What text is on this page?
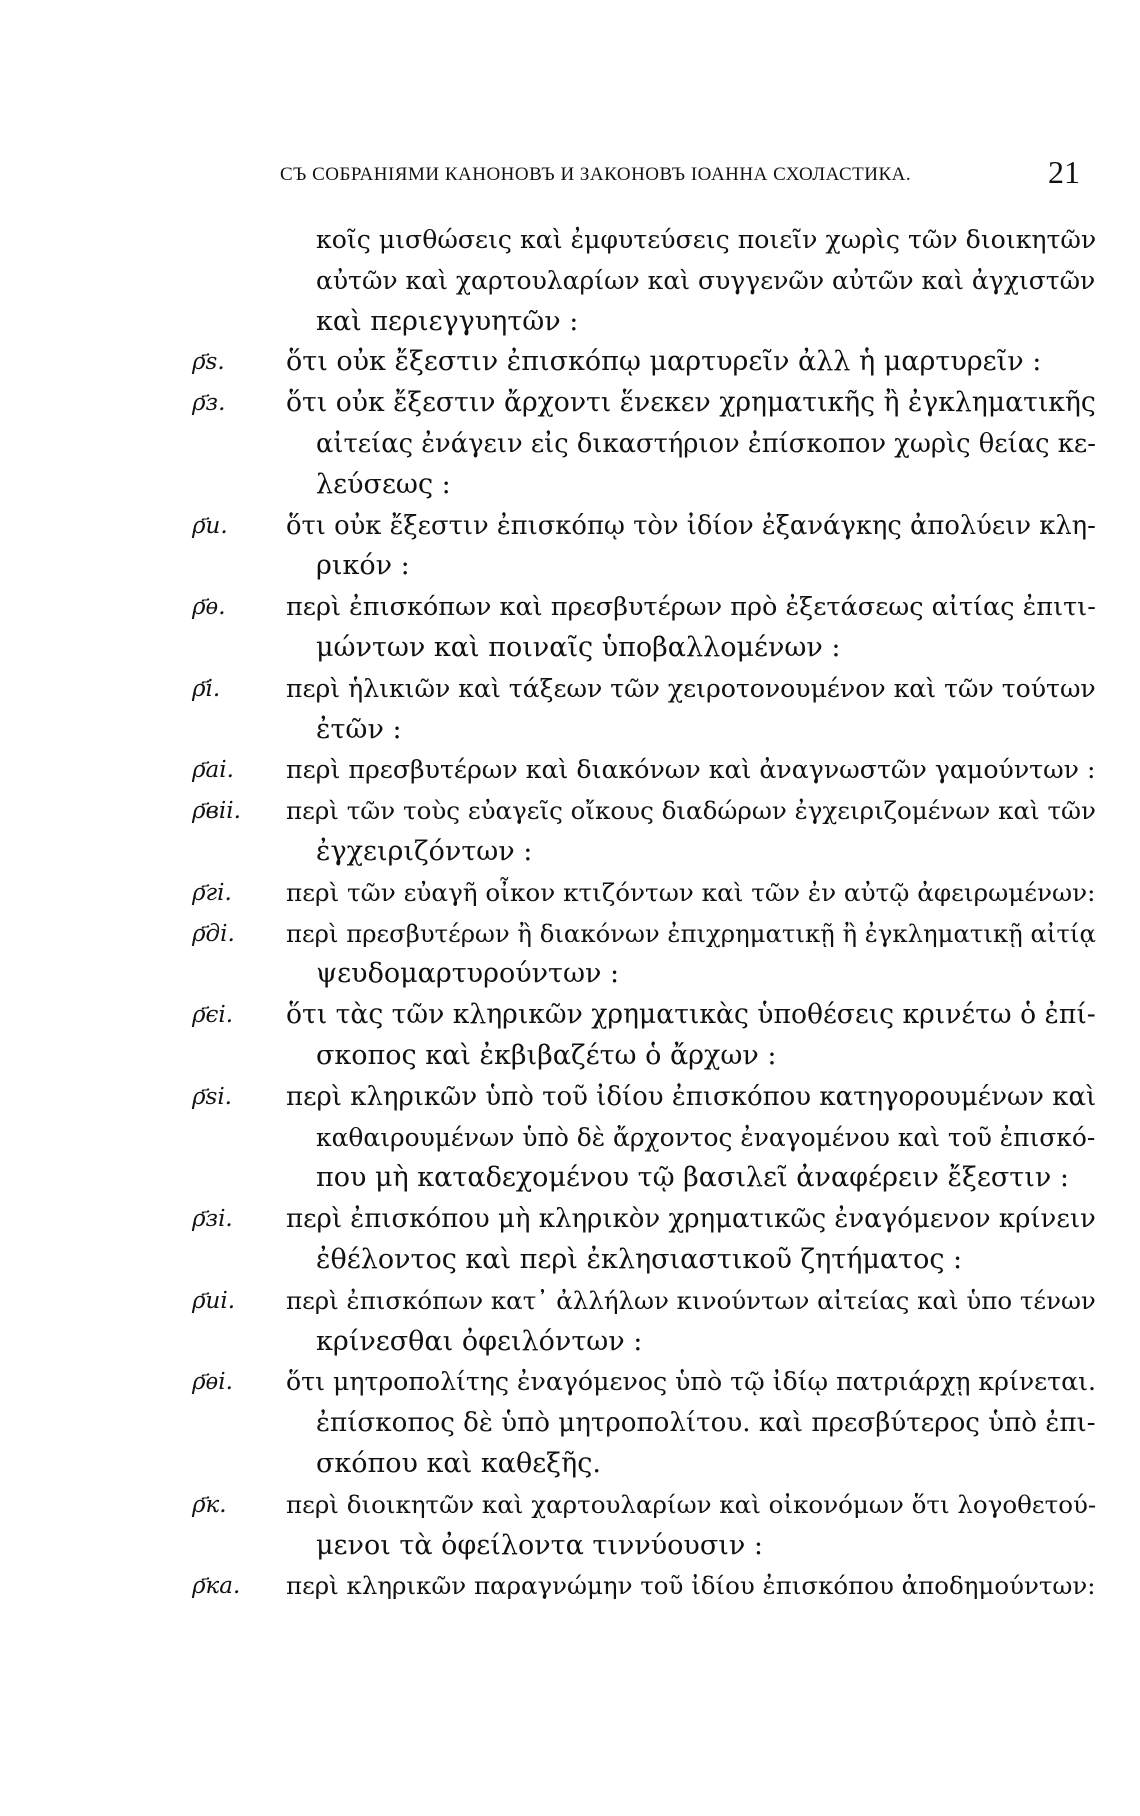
СЪ СОБРАНІЯМИ КАНОНОВЪ И ЗАКОНОВЪ ІОАННА СХОЛАСТИКА.	21
κοῖς μισθώσεις καὶ ἐμφυτεύσεις ποιεῖν χωρὶς τῶν διοικητῶν
αὐτῶν καὶ χαρτουλαρίων καὶ συγγενῶν αὐτῶν καὶ ἀγχιστῶν
καὶ περιεγγυητῶν :
ρ҃ѕ.	ὅτι οὐκ ἔξεστιν ἐπισκόπῳ μαρτυρεῖν ἀλλ ἡ μαρτυρεῖν :
ρ҃з.	ὅτι οὐκ ἔξεστιν ἄρχοντι ἕνεκεν χρηματικῆς ἢ ἐγκληματικῆς
αἰτείας ἐνάγειν εἰς δικαστήριον ἐπίσκοπον χωρὶς θείας κε-
λεύσεως :
ρ҃и.	ὅτι οὐκ ἔξεστιν ἐπισκόπῳ τὸν ἰδίον ἐξανάγκης ἀπολύειν κλη-
ρικόν :
ρ҃ѳ.	περὶ ἐπισκόπων καὶ πρεσβυτέρων πρὸ ἐξετάσεως αἰτίας ἐπιτι-
μώντων καὶ ποιναῖς ὑποβαλλομένων :
ρ҃і.	περὶ ἡλικιῶν καὶ τάξεων τῶν χειροτονουμένον καὶ τῶν τούτων
ἐτῶν :
ρ҃аі.	περὶ πρεσβυτέρων καὶ διακόνων καὶ ἀναγνωστῶν γαμούντων :
ρ҃віі.	περὶ τῶν τοὺς εὐαγεῖς οἴκους διαδώρων ἐγχειριζομένων καὶ τῶν
ἐγχειριζόντων :
ρ҃гі.	περὶ τῶν εὐαγῆ οἶκον κτιζόντων καὶ τῶν ἐν αὐτῷ ἀφειρωμένων:
ρ҃ді.	περὶ πρεσβυτέρων ἢ διακόνων ἐπιχρηματικῇ ἢ ἐγκληματικῇ αἰτίᾳ
ψευδομαρτυρούντων :
ρ҃єі.	ὅτι τὰς τῶν κληρικῶν χρηματικὰς ὑποθέσεις κρινέτω ὁ ἐπί-
σκοπος καὶ ἐκβιβαζέτω ὁ ἄρχων :
ρ҃ѕі.	περὶ κληρικῶν ὑπὸ τοῦ ἰδίου ἐπισκόπου κατηγορουμένων καὶ
καθαιρουμένων ὑπὸ δὲ ἄρχοντος ἐναγομένου καὶ τοῦ ἐπισκό-
που μὴ καταδεχομένου τῷ βασιλεῖ ἀναφέρειν ἔξεστιν :
ρ҃зі.	περὶ ἐπισκόπου μὴ κληρικὸν χρηματικῶς ἐναγόμενον κρίνειν
ἐθέλοντος καὶ περὶ ἐκλησιαστικοῦ ζητήματος :
ρ҃иі.	περὶ ἐπισκόπων κατ᾽ ἀλλήλων κινούντων αἰτείας καὶ ὑπο τένων
κρίνεσθαι ὀφειλόντων :
ρ҃ѳі.	ὅτι μητροπολίτης ἐναγόμενος ὑπὸ τῷ ἰδίῳ πατριάρχῃ κρίνεται.
ἐπίσκοπος δὲ ὑπὸ μητροπολίτου. καὶ πρεσβύτερος ὑπὸ ἐπι-
σκόπου καὶ καθεξῆς.
ρ҃к.	περὶ διοικητῶν καὶ χαρτουλαρίων καὶ οἰκονόμων ὅτι λογοθετού-
μενοι τὰ ὀφείλοντα τιννύουσιν :
ρ҃ка.	περὶ κληρικῶν παραγνώμην τοῦ ἰδίου ἐπισκόπου ἀποδημούντων:
